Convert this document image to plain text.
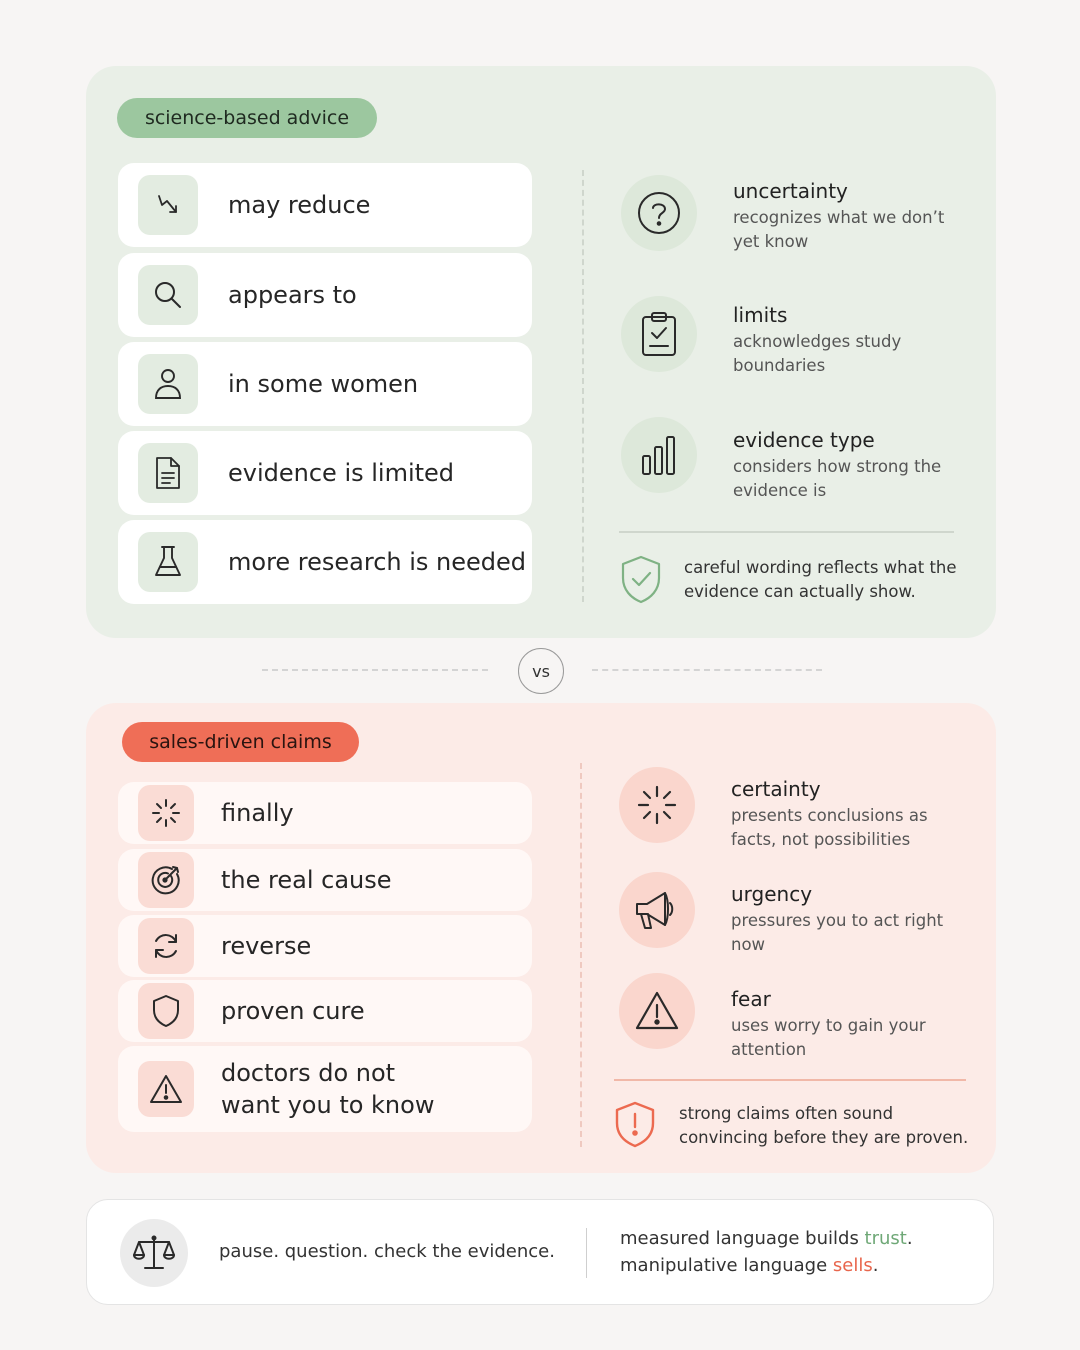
science-based advice
may reduce
appears to
in some women
evidence is limited
more research is needed
uncertainty
recognizes what we don’t yet know
limits
acknowledges study boundaries
evidence type
considers how strong the evidence is
careful wording reflects what the evidence can actually show.
vs
sales-driven claims
finally
the real cause
reverse
proven cure
doctors do not want you to know
certainty
presents conclusions as facts, not possibilities
urgency
pressures you to act right now
fear
uses worry to gain your attention
strong claims often sound convincing before they are proven.
pause. question. check the evidence.
measured language builds trust.
manipulative language sells.
